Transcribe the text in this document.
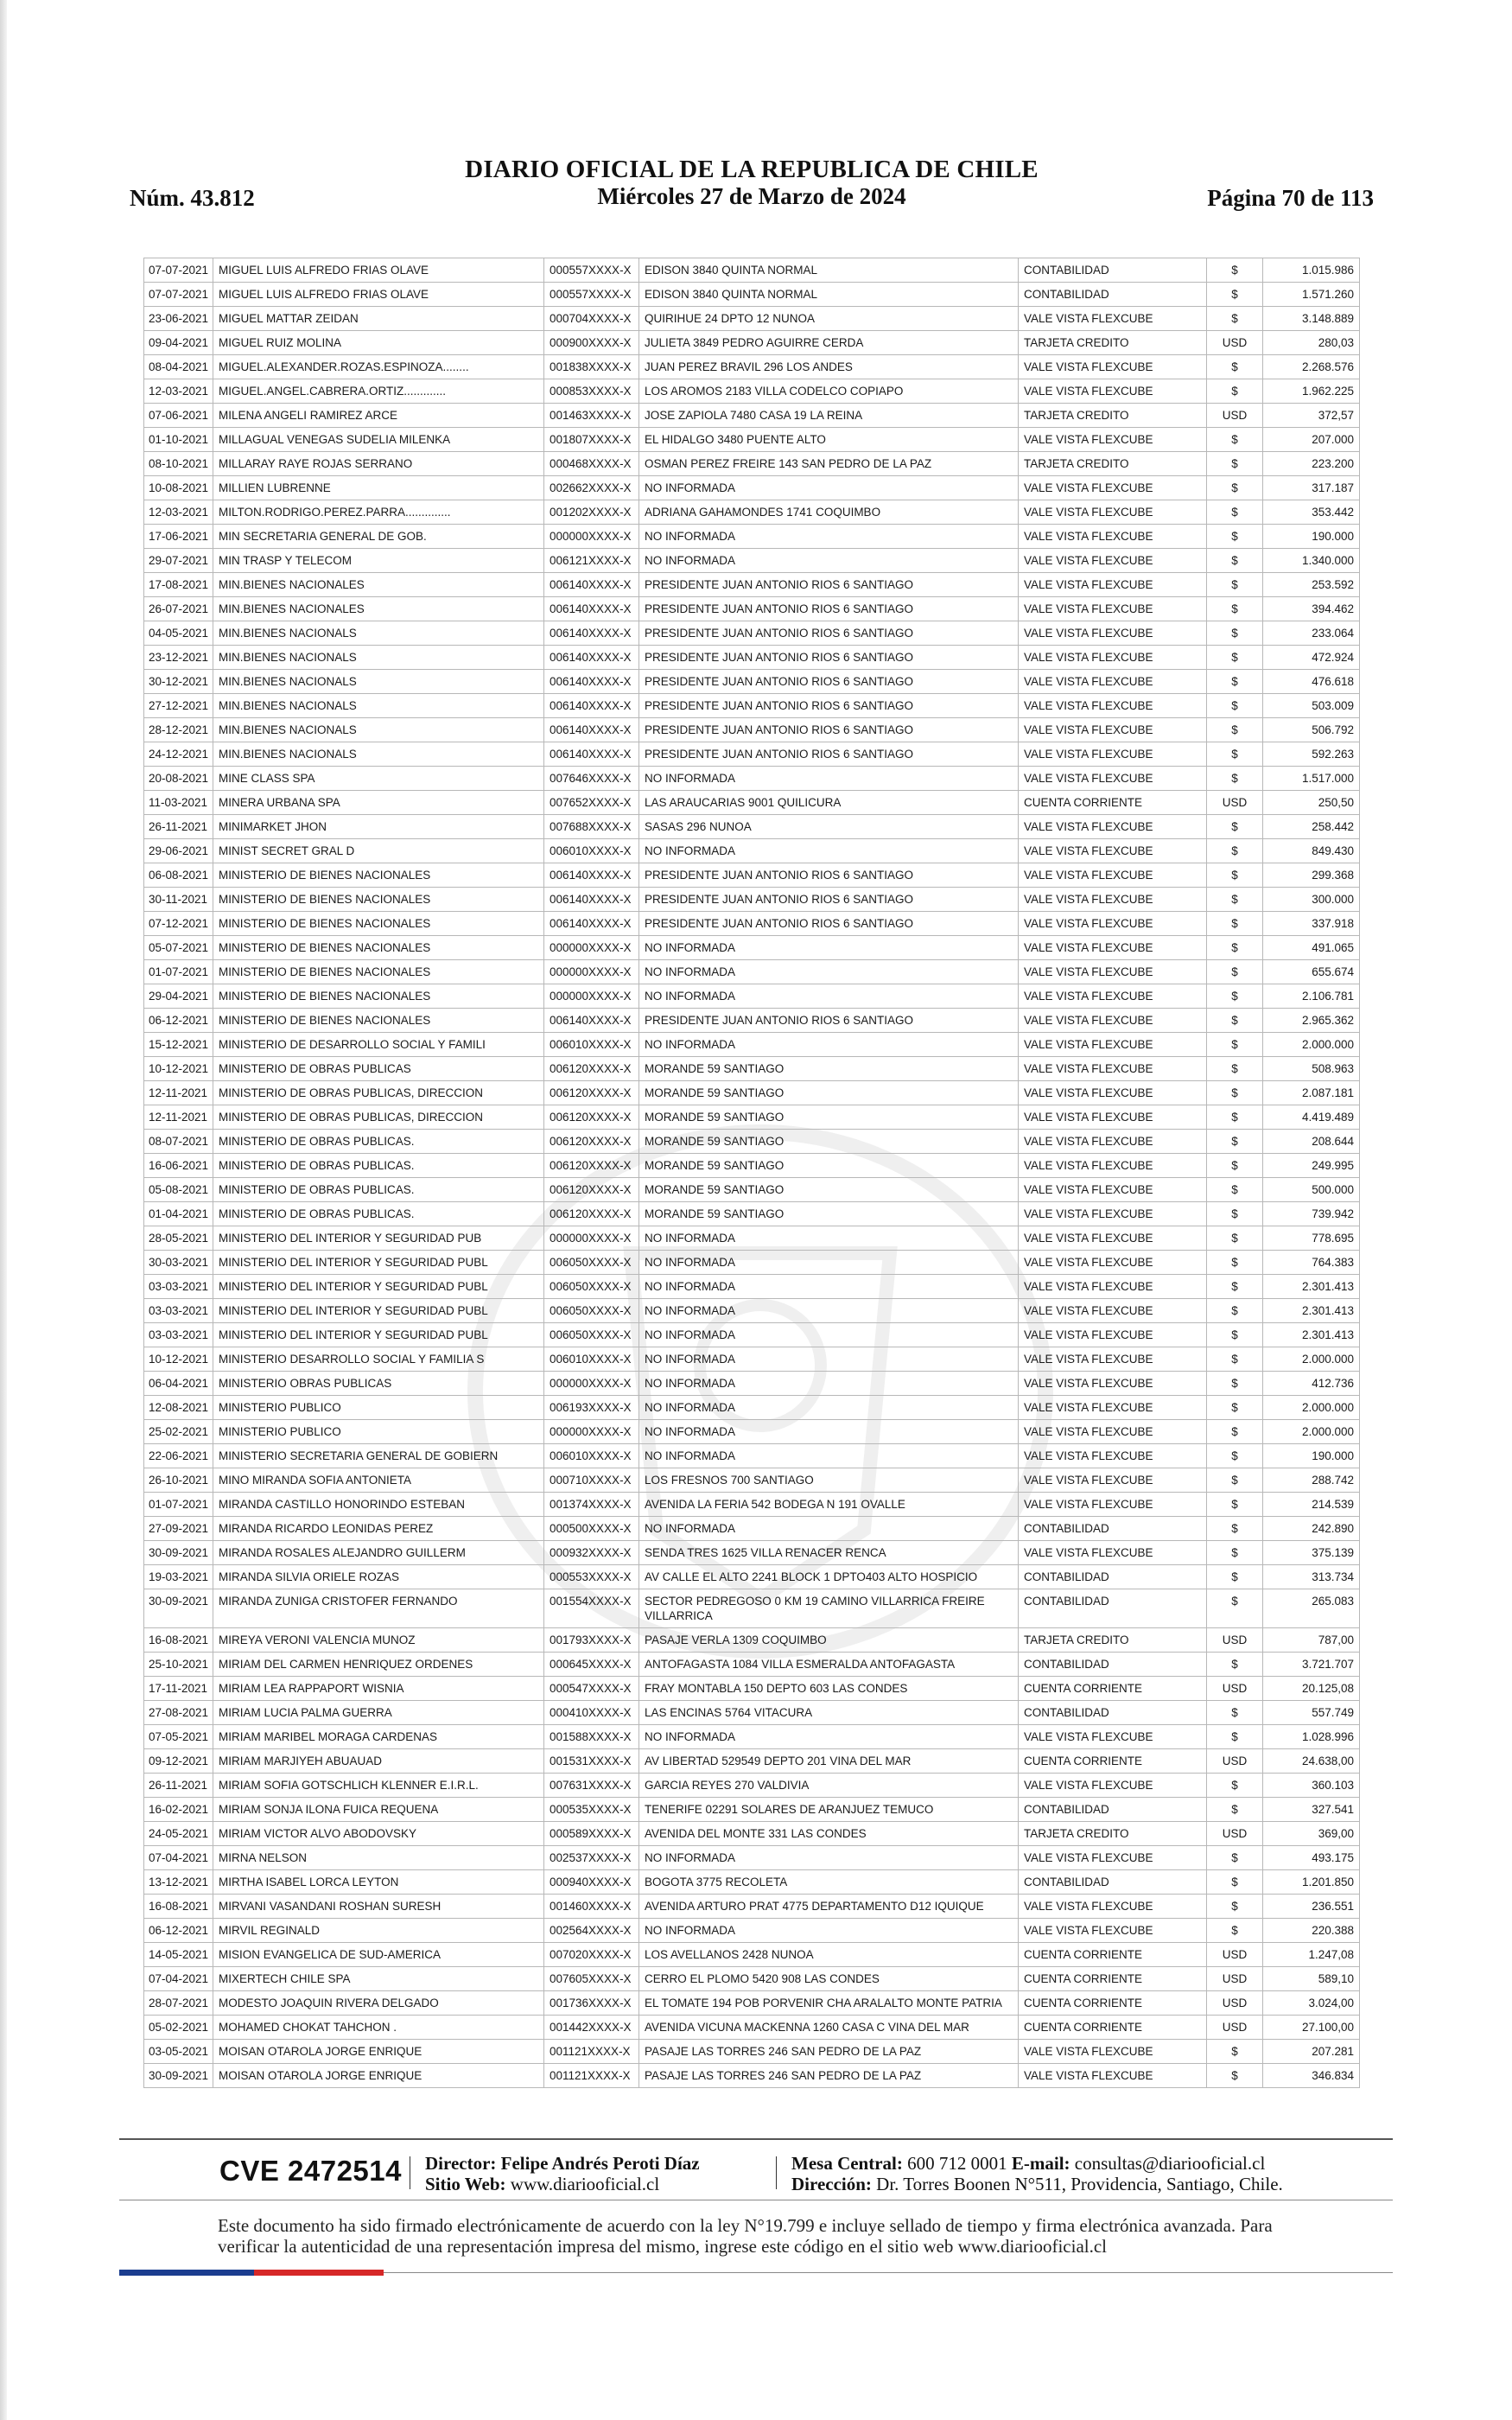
DIARIO OFICIAL DE LA REPUBLICA DE CHILE
Miércoles 27 de Marzo de 2024
Núm. 43.812	Página 70 de 113
07-07-2021	MIGUEL LUIS ALFREDO FRIAS OLAVE	000557XXXX-X	EDISON 3840 QUINTA NORMAL	CONTABILIDAD	$	1.015.986
07-07-2021	MIGUEL LUIS ALFREDO FRIAS OLAVE	000557XXXX-X	EDISON 3840 QUINTA NORMAL	CONTABILIDAD	$	1.571.260
23-06-2021	MIGUEL MATTAR ZEIDAN	000704XXXX-X	QUIRIHUE 24 DPTO 12 NUNOA	VALE VISTA FLEXCUBE	$	3.148.889
09-04-2021	MIGUEL RUIZ MOLINA	000900XXXX-X	JULIETA 3849 PEDRO AGUIRRE CERDA	TARJETA CREDITO	USD	280,03
08-04-2021	MIGUEL.ALEXANDER.ROZAS.ESPINOZA........	001838XXXX-X	JUAN PEREZ BRAVIL 296 LOS ANDES	VALE VISTA FLEXCUBE	$	2.268.576
12-03-2021	MIGUEL.ANGEL.CABRERA.ORTIZ.............	000853XXXX-X	LOS AROMOS 2183 VILLA CODELCO COPIAPO	VALE VISTA FLEXCUBE	$	1.962.225
07-06-2021	MILENA ANGELI RAMIREZ ARCE	001463XXXX-X	JOSE ZAPIOLA 7480 CASA 19 LA REINA	TARJETA CREDITO	USD	372,57
01-10-2021	MILLAGUAL VENEGAS SUDELIA MILENKA	001807XXXX-X	EL HIDALGO 3480 PUENTE ALTO	VALE VISTA FLEXCUBE	$	207.000
08-10-2021	MILLARAY RAYE ROJAS SERRANO	000468XXXX-X	OSMAN PEREZ FREIRE 143 SAN PEDRO DE LA PAZ	TARJETA CREDITO	$	223.200
10-08-2021	MILLIEN LUBRENNE	002662XXXX-X	NO INFORMADA	VALE VISTA FLEXCUBE	$	317.187
12-03-2021	MILTON.RODRIGO.PEREZ.PARRA..............	001202XXXX-X	ADRIANA GAHAMONDES 1741 COQUIMBO	VALE VISTA FLEXCUBE	$	353.442
17-06-2021	MIN SECRETARIA GENERAL DE GOB.	000000XXXX-X	NO INFORMADA	VALE VISTA FLEXCUBE	$	190.000
29-07-2021	MIN TRASP Y TELECOM	006121XXXX-X	NO INFORMADA	VALE VISTA FLEXCUBE	$	1.340.000
17-08-2021	MIN.BIENES NACIONALES	006140XXXX-X	PRESIDENTE JUAN ANTONIO RIOS 6 SANTIAGO	VALE VISTA FLEXCUBE	$	253.592
26-07-2021	MIN.BIENES NACIONALES	006140XXXX-X	PRESIDENTE JUAN ANTONIO RIOS 6 SANTIAGO	VALE VISTA FLEXCUBE	$	394.462
04-05-2021	MIN.BIENES NACIONALS	006140XXXX-X	PRESIDENTE JUAN ANTONIO RIOS 6 SANTIAGO	VALE VISTA FLEXCUBE	$	233.064
23-12-2021	MIN.BIENES NACIONALS	006140XXXX-X	PRESIDENTE JUAN ANTONIO RIOS 6 SANTIAGO	VALE VISTA FLEXCUBE	$	472.924
30-12-2021	MIN.BIENES NACIONALS	006140XXXX-X	PRESIDENTE JUAN ANTONIO RIOS 6 SANTIAGO	VALE VISTA FLEXCUBE	$	476.618
27-12-2021	MIN.BIENES NACIONALS	006140XXXX-X	PRESIDENTE JUAN ANTONIO RIOS 6 SANTIAGO	VALE VISTA FLEXCUBE	$	503.009
28-12-2021	MIN.BIENES NACIONALS	006140XXXX-X	PRESIDENTE JUAN ANTONIO RIOS 6 SANTIAGO	VALE VISTA FLEXCUBE	$	506.792
24-12-2021	MIN.BIENES NACIONALS	006140XXXX-X	PRESIDENTE JUAN ANTONIO RIOS 6 SANTIAGO	VALE VISTA FLEXCUBE	$	592.263
20-08-2021	MINE CLASS SPA	007646XXXX-X	NO INFORMADA	VALE VISTA FLEXCUBE	$	1.517.000
11-03-2021	MINERA URBANA SPA	007652XXXX-X	LAS ARAUCARIAS 9001 QUILICURA	CUENTA CORRIENTE	USD	250,50
26-11-2021	MINIMARKET JHON	007688XXXX-X	SASAS 296 NUNOA	VALE VISTA FLEXCUBE	$	258.442
29-06-2021	MINIST SECRET GRAL D	006010XXXX-X	NO INFORMADA	VALE VISTA FLEXCUBE	$	849.430
06-08-2021	MINISTERIO DE BIENES NACIONALES	006140XXXX-X	PRESIDENTE JUAN ANTONIO RIOS 6 SANTIAGO	VALE VISTA FLEXCUBE	$	299.368
30-11-2021	MINISTERIO DE BIENES NACIONALES	006140XXXX-X	PRESIDENTE JUAN ANTONIO RIOS 6 SANTIAGO	VALE VISTA FLEXCUBE	$	300.000
07-12-2021	MINISTERIO DE BIENES NACIONALES	006140XXXX-X	PRESIDENTE JUAN ANTONIO RIOS 6 SANTIAGO	VALE VISTA FLEXCUBE	$	337.918
05-07-2021	MINISTERIO DE BIENES NACIONALES	000000XXXX-X	NO INFORMADA	VALE VISTA FLEXCUBE	$	491.065
01-07-2021	MINISTERIO DE BIENES NACIONALES	000000XXXX-X	NO INFORMADA	VALE VISTA FLEXCUBE	$	655.674
29-04-2021	MINISTERIO DE BIENES NACIONALES	000000XXXX-X	NO INFORMADA	VALE VISTA FLEXCUBE	$	2.106.781
06-12-2021	MINISTERIO DE BIENES NACIONALES	006140XXXX-X	PRESIDENTE JUAN ANTONIO RIOS 6 SANTIAGO	VALE VISTA FLEXCUBE	$	2.965.362
15-12-2021	MINISTERIO DE DESARROLLO SOCIAL Y FAMILI	006010XXXX-X	NO INFORMADA	VALE VISTA FLEXCUBE	$	2.000.000
10-12-2021	MINISTERIO DE OBRAS PUBLICAS	006120XXXX-X	MORANDE 59 SANTIAGO	VALE VISTA FLEXCUBE	$	508.963
12-11-2021	MINISTERIO DE OBRAS PUBLICAS, DIRECCION	006120XXXX-X	MORANDE 59 SANTIAGO	VALE VISTA FLEXCUBE	$	2.087.181
12-11-2021	MINISTERIO DE OBRAS PUBLICAS, DIRECCION	006120XXXX-X	MORANDE 59 SANTIAGO	VALE VISTA FLEXCUBE	$	4.419.489
08-07-2021	MINISTERIO DE OBRAS PUBLICAS.	006120XXXX-X	MORANDE 59 SANTIAGO	VALE VISTA FLEXCUBE	$	208.644
16-06-2021	MINISTERIO DE OBRAS PUBLICAS.	006120XXXX-X	MORANDE 59 SANTIAGO	VALE VISTA FLEXCUBE	$	249.995
05-08-2021	MINISTERIO DE OBRAS PUBLICAS.	006120XXXX-X	MORANDE 59 SANTIAGO	VALE VISTA FLEXCUBE	$	500.000
01-04-2021	MINISTERIO DE OBRAS PUBLICAS.	006120XXXX-X	MORANDE 59 SANTIAGO	VALE VISTA FLEXCUBE	$	739.942
28-05-2021	MINISTERIO DEL INTERIOR Y SEGURIDAD PUB	000000XXXX-X	NO INFORMADA	VALE VISTA FLEXCUBE	$	778.695
30-03-2021	MINISTERIO DEL INTERIOR Y SEGURIDAD PUBL	006050XXXX-X	NO INFORMADA	VALE VISTA FLEXCUBE	$	764.383
03-03-2021	MINISTERIO DEL INTERIOR Y SEGURIDAD PUBL	006050XXXX-X	NO INFORMADA	VALE VISTA FLEXCUBE	$	2.301.413
03-03-2021	MINISTERIO DEL INTERIOR Y SEGURIDAD PUBL	006050XXXX-X	NO INFORMADA	VALE VISTA FLEXCUBE	$	2.301.413
03-03-2021	MINISTERIO DEL INTERIOR Y SEGURIDAD PUBL	006050XXXX-X	NO INFORMADA	VALE VISTA FLEXCUBE	$	2.301.413
10-12-2021	MINISTERIO DESARROLLO SOCIAL Y FAMILIA S	006010XXXX-X	NO INFORMADA	VALE VISTA FLEXCUBE	$	2.000.000
06-04-2021	MINISTERIO OBRAS PUBLICAS	000000XXXX-X	NO INFORMADA	VALE VISTA FLEXCUBE	$	412.736
12-08-2021	MINISTERIO PUBLICO	006193XXXX-X	NO INFORMADA	VALE VISTA FLEXCUBE	$	2.000.000
25-02-2021	MINISTERIO PUBLICO	000000XXXX-X	NO INFORMADA	VALE VISTA FLEXCUBE	$	2.000.000
22-06-2021	MINISTERIO SECRETARIA GENERAL DE GOBIERN	006010XXXX-X	NO INFORMADA	VALE VISTA FLEXCUBE	$	190.000
26-10-2021	MINO MIRANDA SOFIA ANTONIETA	000710XXXX-X	LOS FRESNOS 700 SANTIAGO	VALE VISTA FLEXCUBE	$	288.742
01-07-2021	MIRANDA CASTILLO HONORINDO ESTEBAN	001374XXXX-X	AVENIDA LA FERIA 542 BODEGA N 191 OVALLE	VALE VISTA FLEXCUBE	$	214.539
27-09-2021	MIRANDA RICARDO LEONIDAS PEREZ	000500XXXX-X	NO INFORMADA	CONTABILIDAD	$	242.890
30-09-2021	MIRANDA ROSALES ALEJANDRO GUILLERM	000932XXXX-X	SENDA TRES 1625 VILLA RENACER RENCA	VALE VISTA FLEXCUBE	$	375.139
19-03-2021	MIRANDA SILVIA ORIELE ROZAS	000553XXXX-X	AV CALLE EL ALTO 2241 BLOCK 1 DPTO403 ALTO HOSPICIO	CONTABILIDAD	$	313.734
30-09-2021	MIRANDA ZUNIGA CRISTOFER FERNANDO	001554XXXX-X	SECTOR PEDREGOSO 0 KM 19 CAMINO VILLARRICA FREIRE VILLARRICA	CONTABILIDAD	$	265.083
16-08-2021	MIREYA VERONI VALENCIA MUNOZ	001793XXXX-X	PASAJE VERLA 1309 COQUIMBO	TARJETA CREDITO	USD	787,00
25-10-2021	MIRIAM DEL CARMEN HENRIQUEZ ORDENES	000645XXXX-X	ANTOFAGASTA 1084 VILLA ESMERALDA ANTOFAGASTA	CONTABILIDAD	$	3.721.707
17-11-2021	MIRIAM LEA RAPPAPORT WISNIA	000547XXXX-X	FRAY MONTABLA 150 DEPTO 603 LAS CONDES	CUENTA CORRIENTE	USD	20.125,08
27-08-2021	MIRIAM LUCIA PALMA GUERRA	000410XXXX-X	LAS ENCINAS 5764 VITACURA	CONTABILIDAD	$	557.749
07-05-2021	MIRIAM MARIBEL MORAGA CARDENAS	001588XXXX-X	NO INFORMADA	VALE VISTA FLEXCUBE	$	1.028.996
09-12-2021	MIRIAM MARJIYEH ABUAUAD	001531XXXX-X	AV LIBERTAD 529549 DEPTO 201 VINA DEL MAR	CUENTA CORRIENTE	USD	24.638,00
26-11-2021	MIRIAM SOFIA GOTSCHLICH KLENNER E.I.R.L.	007631XXXX-X	GARCIA REYES 270 VALDIVIA	VALE VISTA FLEXCUBE	$	360.103
16-02-2021	MIRIAM SONJA ILONA FUICA REQUENA	000535XXXX-X	TENERIFE 02291 SOLARES DE ARANJUEZ TEMUCO	CONTABILIDAD	$	327.541
24-05-2021	MIRIAM VICTOR ALVO ABODOVSKY	000589XXXX-X	AVENIDA DEL MONTE 331 LAS CONDES	TARJETA CREDITO	USD	369,00
07-04-2021	MIRNA NELSON	002537XXXX-X	NO INFORMADA	VALE VISTA FLEXCUBE	$	493.175
13-12-2021	MIRTHA ISABEL LORCA LEYTON	000940XXXX-X	BOGOTA 3775 RECOLETA	CONTABILIDAD	$	1.201.850
16-08-2021	MIRVANI VASANDANI ROSHAN SURESH	001460XXXX-X	AVENIDA ARTURO PRAT 4775 DEPARTAMENTO D12 IQUIQUE	VALE VISTA FLEXCUBE	$	236.551
06-12-2021	MIRVIL REGINALD	002564XXXX-X	NO INFORMADA	VALE VISTA FLEXCUBE	$	220.388
14-05-2021	MISION EVANGELICA DE SUD-AMERICA	007020XXXX-X	LOS AVELLANOS 2428 NUNOA	CUENTA CORRIENTE	USD	1.247,08
07-04-2021	MIXERTECH CHILE SPA	007605XXXX-X	CERRO EL PLOMO 5420 908 LAS CONDES	CUENTA CORRIENTE	USD	589,10
28-07-2021	MODESTO JOAQUIN RIVERA DELGADO	001736XXXX-X	EL TOMATE 194 POB PORVENIR CHA ARALALTO MONTE PATRIA	CUENTA CORRIENTE	USD	3.024,00
05-02-2021	MOHAMED CHOKAT TAHCHON .	001442XXXX-X	AVENIDA VICUNA MACKENNA 1260 CASA C VINA DEL MAR	CUENTA CORRIENTE	USD	27.100,00
03-05-2021	MOISAN OTAROLA JORGE ENRIQUE	001121XXXX-X	PASAJE LAS TORRES 246 SAN PEDRO DE LA PAZ	VALE VISTA FLEXCUBE	$	207.281
30-09-2021	MOISAN OTAROLA JORGE ENRIQUE	001121XXXX-X	PASAJE LAS TORRES 246 SAN PEDRO DE LA PAZ	VALE VISTA FLEXCUBE	$	346.834
CVE 2472514 Director: Felipe Andrés Peroti Díaz
Sitio Web: www.diariooficial.cl
Mesa Central: 600 712 0001 E-mail: consultas@diariooficial.cl
Dirección: Dr. Torres Boonen N°511, Providencia, Santiago, Chile.
Este documento ha sido firmado electrónicamente de acuerdo con la ley N°19.799 e incluye sellado de tiempo y firma electrónica avanzada. Para verificar la autenticidad de una representación impresa del mismo, ingrese este código en el sitio web www.diariooficial.cl
